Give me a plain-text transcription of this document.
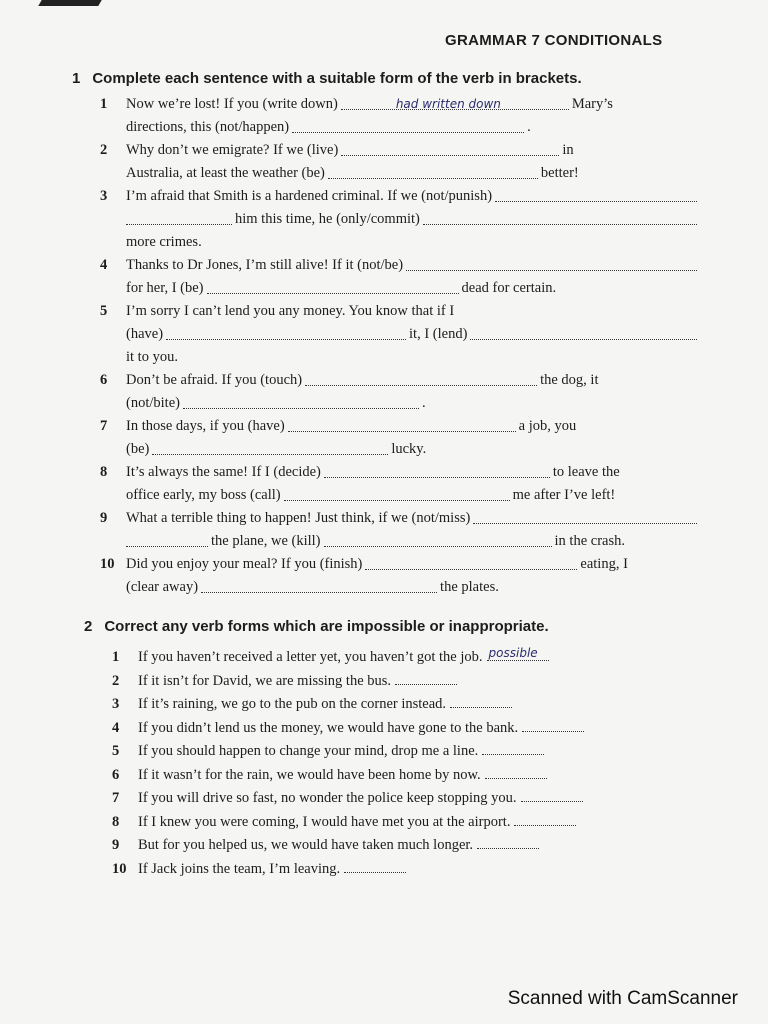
GRAMMAR 7 CONDITIONALS
1 Complete each sentence with a suitable form of the verb in brackets.
1 Now we’re lost! If you (write down)	had written down	Mary’s
directions, this (not/happen)	.
2 Why don’t we emigrate? If we (live)	in
Australia, at least the weather (be)	better!
3 I’m afraid that Smith is a hardened criminal. If we (not/punish)
him this time, he (only/commit)
more crimes.
4 Thanks to Dr Jones, I’m still alive! If it (not/be)
for her, I (be)	dead for certain.
5 I’m sorry I can’t lend you any money. You know that if I
(have)	it, I (lend)
it to you.
6 Don’t be afraid. If you (touch)	the dog, it
(not/bite)	.
7 In those days, if you (have)	a job, you
(be)	lucky.
8 It’s always the same! If I (decide)	to leave the
office early, my boss (call)	me after I’ve left!
9 What a terrible thing to happen! Just think, if we (not/miss)
the plane, we (kill)	in the crash.
10 Did you enjoy your meal? If you (finish)	eating, I
(clear away)	the plates.
2 Correct any verb forms which are impossible or inappropriate.
1 If you haven’t received a letter yet, you haven’t got the job. possible
2 If it isn’t for David, we are missing the bus.
3 If it’s raining, we go to the pub on the corner instead.
4 If you didn’t lend us the money, we would have gone to the bank.
5 If you should happen to change your mind, drop me a line.
6 If it wasn’t for the rain, we would have been home by now.
7 If you will drive so fast, no wonder the police keep stopping you.
8 If I knew you were coming, I would have met you at the airport.
9 But for you helped us, we would have taken much longer.
10 If Jack joins the team, I’m leaving.
Scanned with CamScanner
